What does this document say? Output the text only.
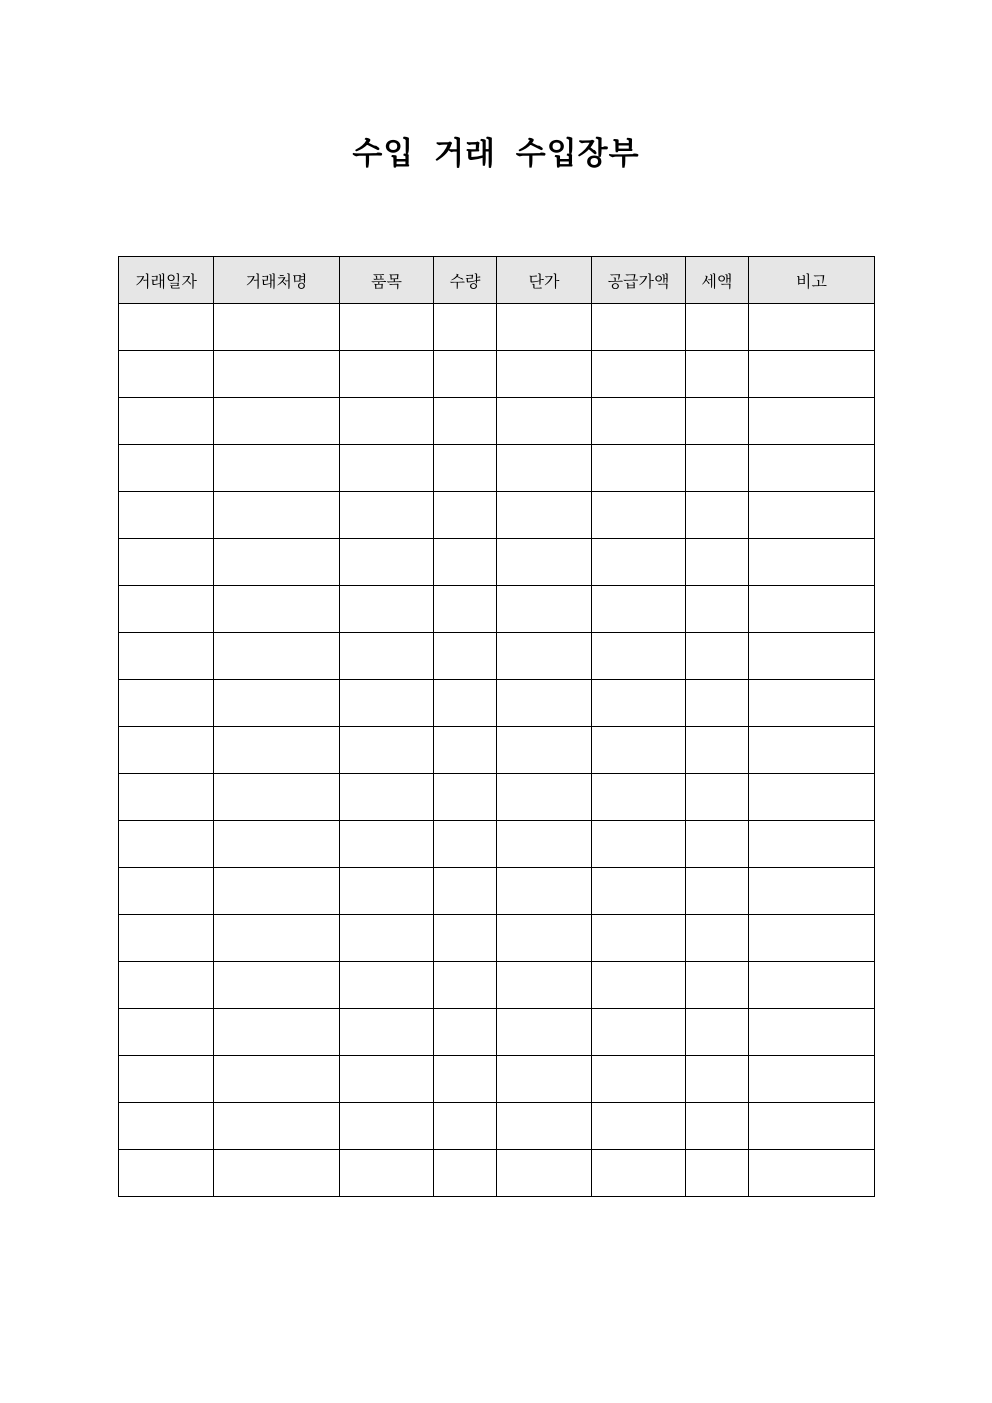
수입 거래 수입장부
거래일자	거래처명	품목	수량	단가	공급가액	세액	비고
